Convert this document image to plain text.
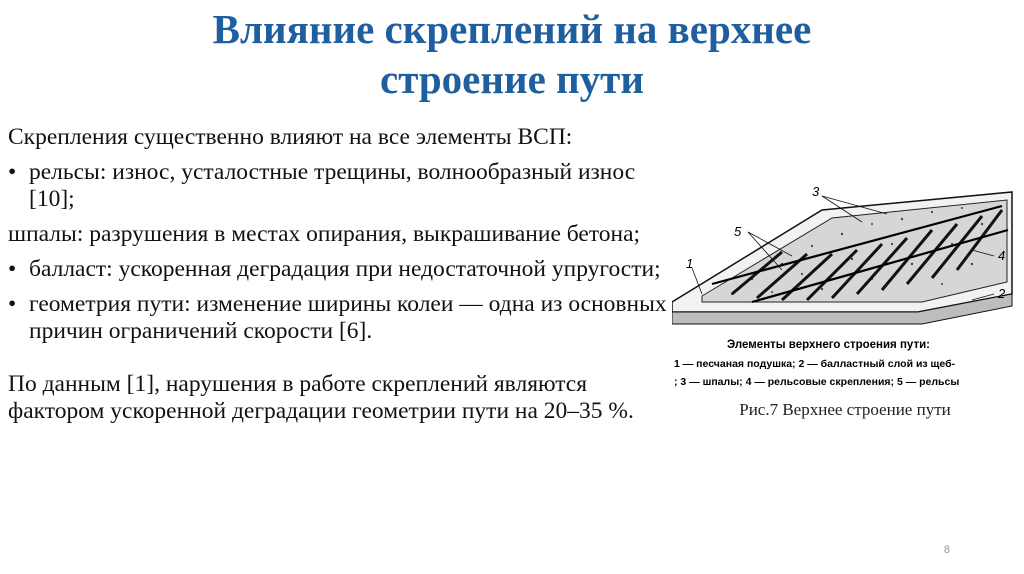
Влияние скреплений на верхнее
строение пути

Скрепления существенно влияют на все элементы ВСП:

• рельсы: износ, усталостные трещины, волнообразный износ [10];

шпалы: разрушения в местах опирания, выкрашивание бетона;

• балласт: ускоренная деградация при недостаточной упругости;

• геометрия пути: изменение ширины колеи — одна из основных причин ограничений скорости [6].

По данным [1], нарушения в работе скреплений являются фактором ускоренной деградации геометрии пути на 20–35 %.

1
2
3
4
5
Элементы верхнего строения пути:
1 — песчаная подушка; 2 — балластный слой из щеб-
; 3 — шпалы; 4 — рельсовые скрепления; 5 — рельсы

Рис.7 Верхнее строение пути

8
